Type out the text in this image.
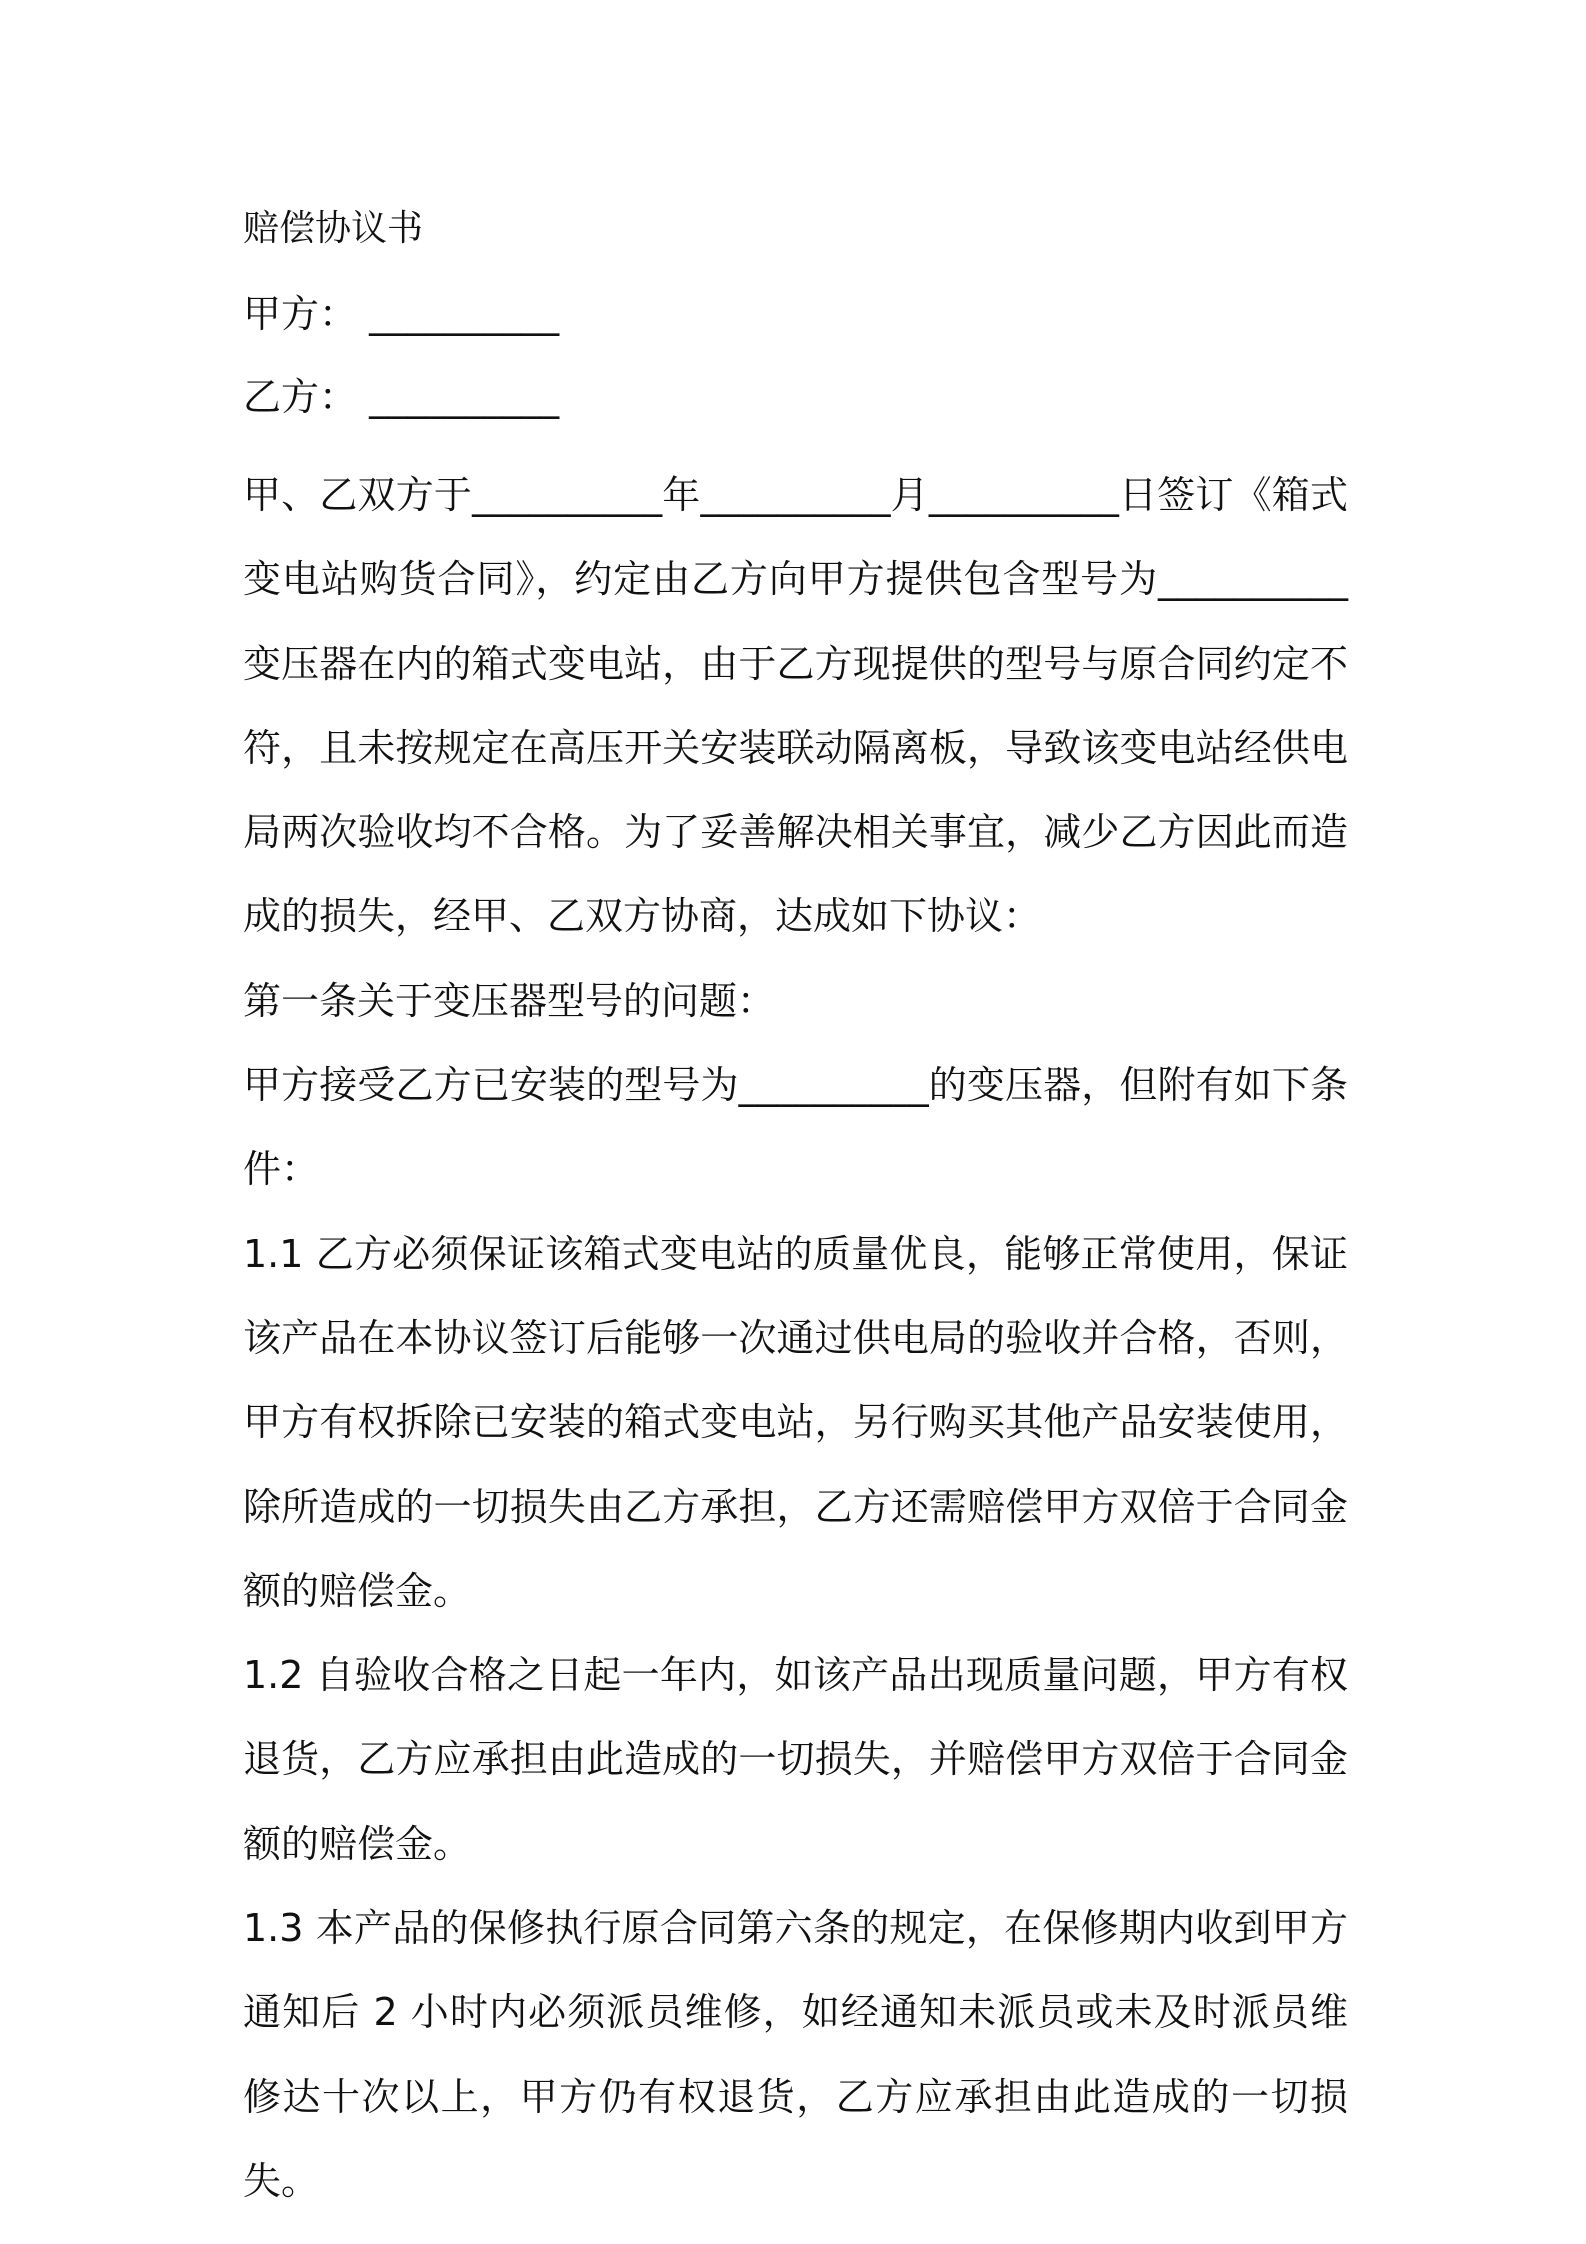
赔偿协议书
甲方： __________
乙方： __________

甲、乙双方于__________年__________月__________日签订《箱式变电站购货合同》，约定由乙方向甲方提供包含型号为__________变压器在内的箱式变电站，由于乙方现提供的型号与原合同约定不符，且未按规定在高压开关安装联动隔离板，导致该变电站经供电局两次验收均不合格。为了妥善解决相关事宜，减少乙方因此而造成的损失，经甲、乙双方协商，达成如下协议：

第一条关于变压器型号的问题：

甲方接受乙方已安装的型号为__________的变压器，但附有如下条件：

1.1 乙方必须保证该箱式变电站的质量优良，能够正常使用，保证该产品在本协议签订后能够一次通过供电局的验收并合格，否则，甲方有权拆除已安装的箱式变电站，另行购买其他产品安装使用，除所造成的一切损失由乙方承担，乙方还需赔偿甲方双倍于合同金额的赔偿金。

1.2 自验收合格之日起一年内，如该产品出现质量问题，甲方有权退货，乙方应承担由此造成的一切损失，并赔偿甲方双倍于合同金额的赔偿金。

1.3 本产品的保修执行原合同第六条的规定，在保修期内收到甲方通知后 2 小时内必须派员维修，如经通知未派员或未及时派员维修达十次以上，甲方仍有权退货，乙方应承担由此造成的一切损失。
